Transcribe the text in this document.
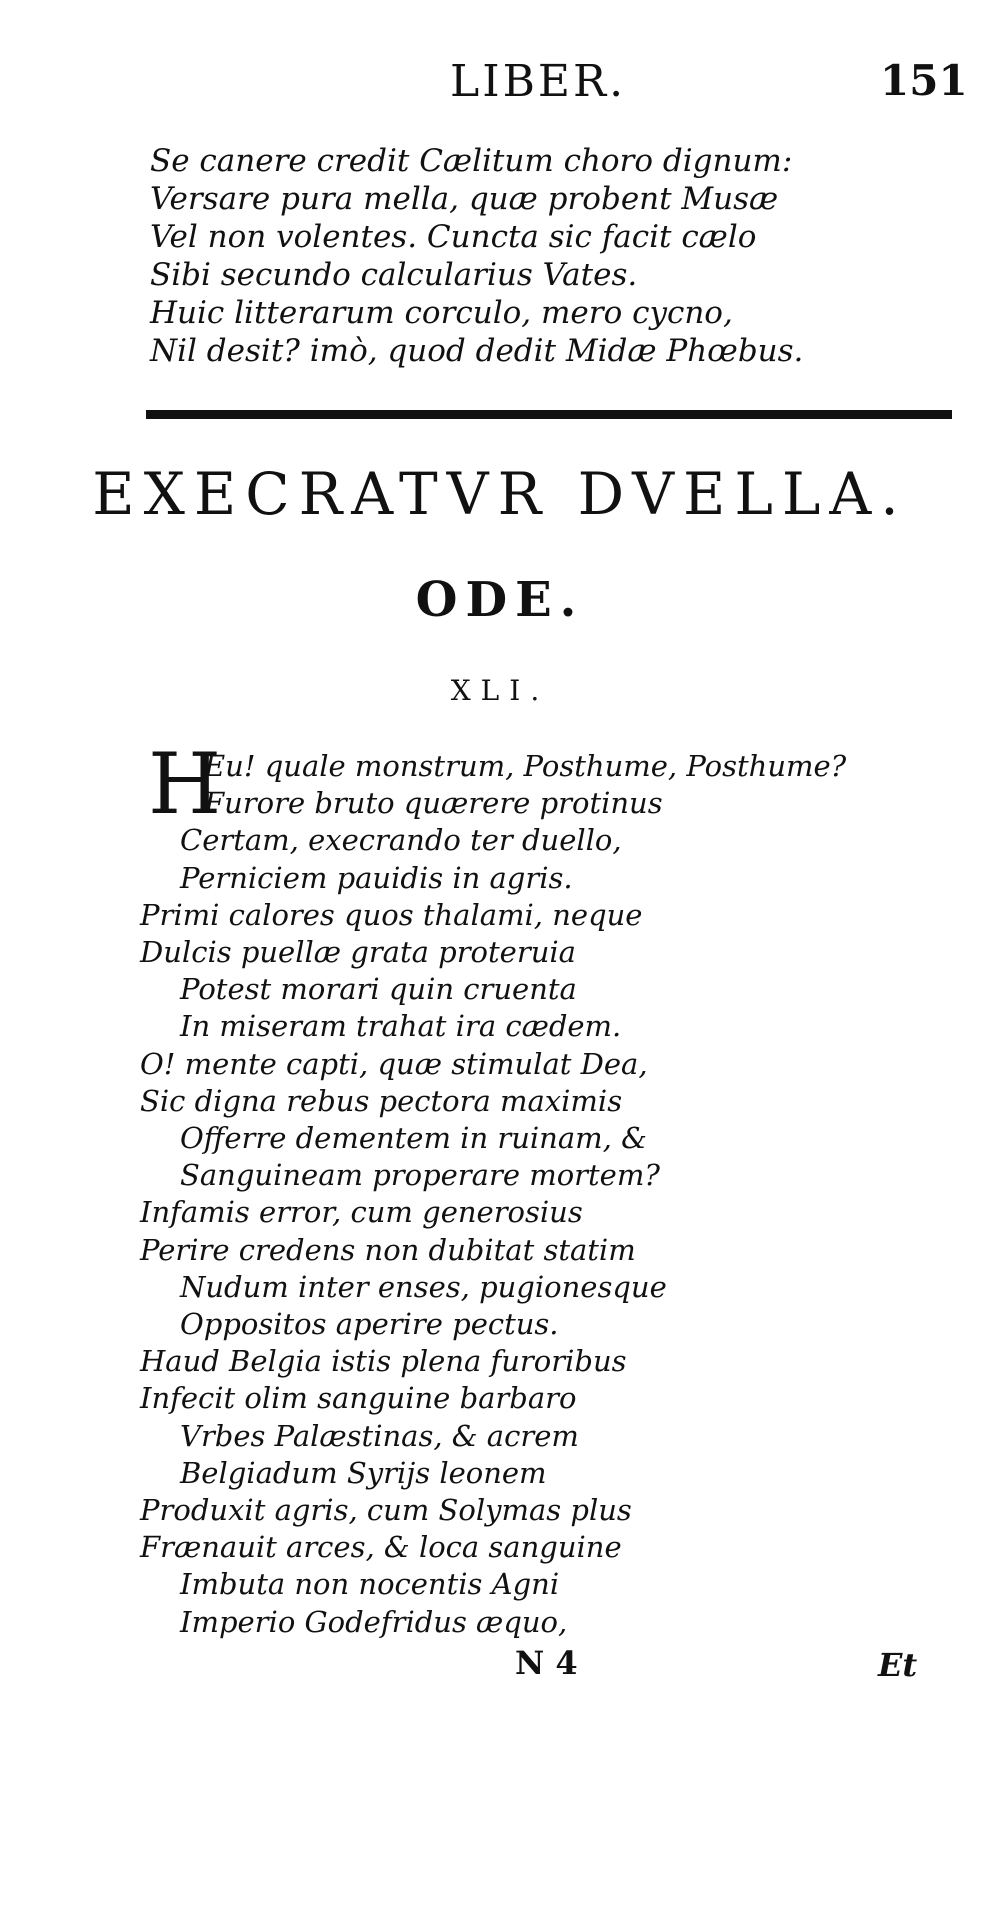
LIBER.	151
Se canere credit Cælitum choro dignum:
Versare pura mella, quæ probent Musæ
Vel non volentes. Cuncta sic facit cælo
Sibi secundo calcularius Vates.
Huic litterarum corculo, mero cycno,
Nil desit? imò, quod dedit Midæ Phœbus.
EXECRATVR DVELLA.
ODE.
XLI.
H
Eu! quale monstrum, Posthume, Posthume?
Furore bruto quærere protinus
Certam, execrando ter duello,
Perniciem pauidis in agris.
Primi calores quos thalami, neque
Dulcis puellæ grata proteruia
Potest morari quin cruenta
In miseram trahat ira cædem.
O! mente capti, quæ stimulat Dea,
Sic digna rebus pectora maximis
Offerre dementem in ruinam, &
Sanguineam properare mortem?
Infamis error, cum generosius
Perire credens non dubitat statim
Nudum inter enses, pugionesque
Oppositos aperire pectus.
Haud Belgia istis plena furoribus
Infecit olim sanguine barbaro
Vrbes Palæstinas, & acrem
Belgiadum Syrijs leonem
Produxit agris, cum Solymas plus
Frænauit arces, & loca sanguine
Imbuta non nocentis Agni
Imperio Godefridus æquo,
N 4	Et
